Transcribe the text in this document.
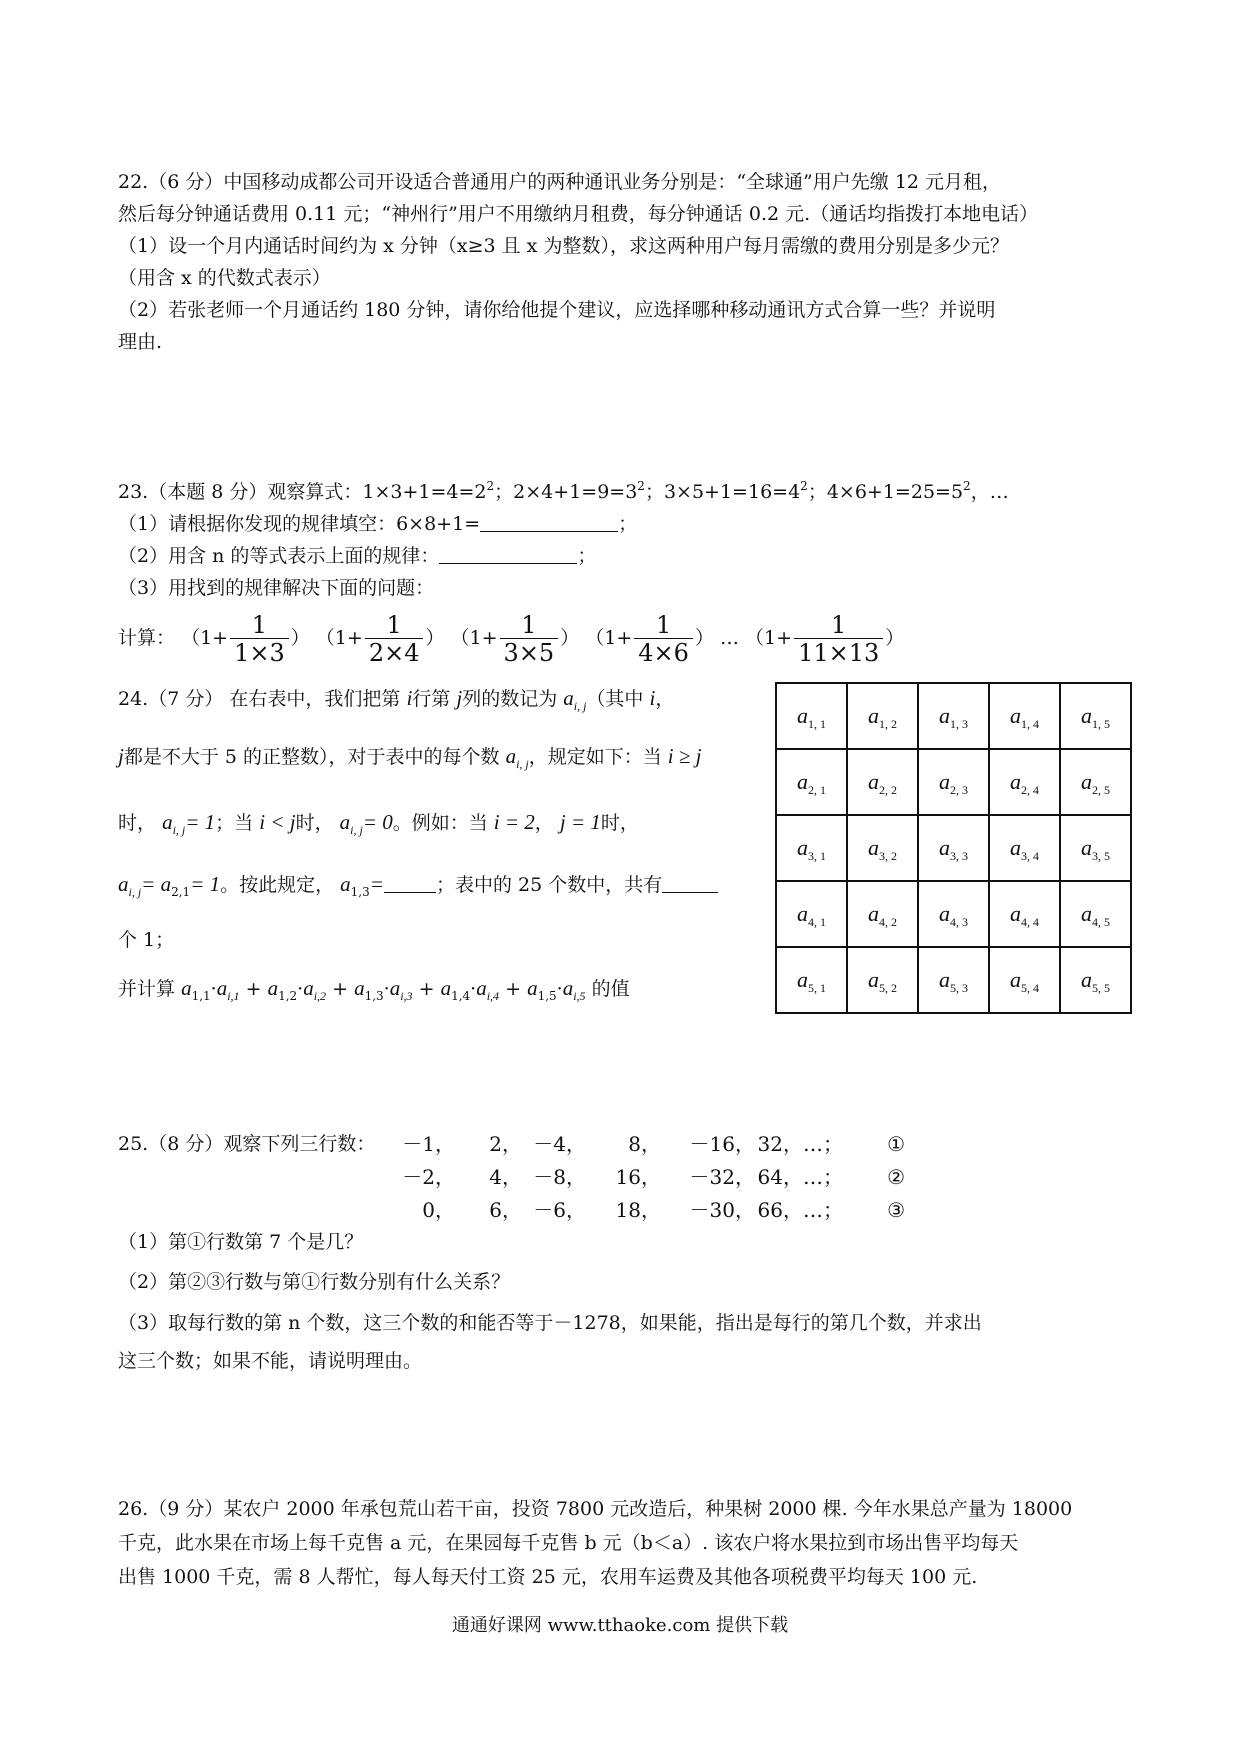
22.（6 分）中国移动成都公司开设适合普通用户的两种通讯业务分别是：“全球通”用户先缴 12 元月租，
然后每分钟通话费用 0.11 元；“神州行”用户不用缴纳月租费，每分钟通话 0.2 元.（通话均指拨打本地电话）
（1）设一个月内通话时间约为 x 分钟（x≥3 且 x 为整数），求这两种用户每月需缴的费用分别是多少元？
（用含 x 的代数式表示）
（2）若张老师一个月通话约 180 分钟，请你给他提个建议，应选择哪种移动通讯方式合算一些？并说明
理由.
23.（本题 8 分）观察算式：$1\times 3+1=4=2^2$；$2\times 4+1=9=3^2$；$3\times 5+1=16=4^2$；$4\times 6+1=25=5^2$，…
（1）请根据你发现的规律填空：6×8+1=	；
（2）用含 n 的等式表示上面的规律：	；
（3）用找到的规律解决下面的问题：
计算： （$1+ \frac{1}{1\times 3}$ ） （$1+ \frac{1}{2\times 4}$ ） （$1+ \frac{1}{3\times 5}$ ） （$1+ \frac{1}{4\times 6}$ ） … （$1+ \frac{1}{11\times 13}$ ）
24.（7 分） 在右表中，我们把第 i行第 j列的数记为 $a_{i, j}$（其中 i，
j都是不大于 5 的正整数），对于表中的每个数 $a_{i, j}$，规定如下：当 i ≥ j
时， $a_{i, j}= 1$；当 i < j时， $a_{i, j}= 0$。例如：当 i = 2， j = 1时，
$a_{i, j}= a_{2,1}= 1$。按此规定， $a_{1,3}=$	；表中的 25 个数中，共有
个 1；
并计算 $a_{1,1}\cdot a_{i,1} + a_{1,2}\cdot a_{i,2} + a_{1,3}\cdot a_{i,3} + a_{1,4}\cdot a_{i,4} + a_{1,5}\cdot a_{i,5}$ 的值
$a_{1, 1}$	$a_{1, 2}$	$a_{1, 3}$	$a_{1, 4}$	$a_{1, 5}$
$a_{2, 1}$	$a_{2, 2}$	$a_{2, 3}$	$a_{2, 4}$	$a_{2, 5}$
$a_{3, 1}$	$a_{3, 2}$	$a_{3, 3}$	$a_{3, 4}$	$a_{3, 5}$
$a_{4, 1}$	$a_{4, 2}$	$a_{4, 3}$	$a_{4, 4}$	$a_{4, 5}$
$a_{5, 1}$	$a_{5, 2}$	$a_{5, 3}$	$a_{5, 4}$	$a_{5, 5}$
25.（8 分）观察下列三行数：	－1， 2， －4， 8， －16， 32，…； ①
－2， 4， －8， 16， －32， 64，…； ②
0， 6， －6， 18， －30， 66，…； ③
（1）第①行数第 7 个是几？
（2）第②③行数与第①行数分别有什么关系？
（3）取每行数的第 n 个数，这三个数的和能否等于－1278，如果能，指出是每行的第几个数，并求出
这三个数；如果不能，请说明理由。
26.（9 分）某农户 2000 年承包荒山若干亩，投资 7800 元改造后，种果树 2000 棵. 今年水果总产量为 18000
千克，此水果在市场上每千克售 a 元，在果园每千克售 b 元（b＜a）. 该农户将水果拉到市场出售平均每天
出售 1000 千克，需 8 人帮忙，每人每天付工资 25 元，农用车运费及其他各项税费平均每天 100 元.
通通好课网 www.tthaoke.com 提供下载
